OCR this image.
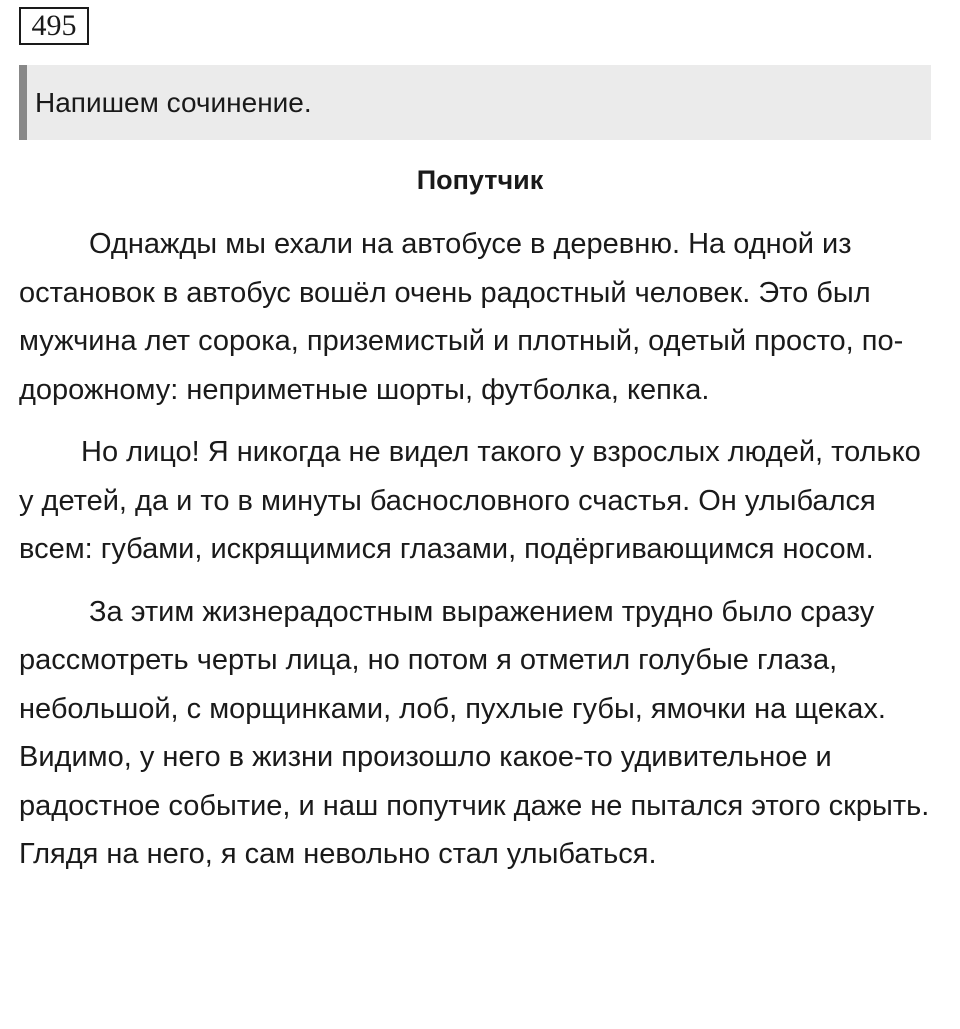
495
Напишем сочинение.
Попутчик

Однажды мы ехали на автобусе в деревню. На одной из остановок в автобус вошёл очень радостный человек. Это был мужчина лет сорока, приземистый и плотный, одетый просто, по-дорожному: неприметные шорты, футболка, кепка.

Но лицо! Я никогда не видел такого у взрослых людей, только у детей, да и то в минуты баснословного счастья. Он улыбался всем: губами, искрящимися глазами, подёргивающимся носом.

За этим жизнерадостным выражением трудно было сразу рассмотреть черты лица, но потом я отметил голубые глаза, небольшой, с морщинками, лоб, пухлые губы, ямочки на щеках. Видимо, у него в жизни произошло какое-то удивительное и радостное событие, и наш попутчик даже не пытался этого скрыть. Глядя на него, я сам невольно стал улыбаться.
